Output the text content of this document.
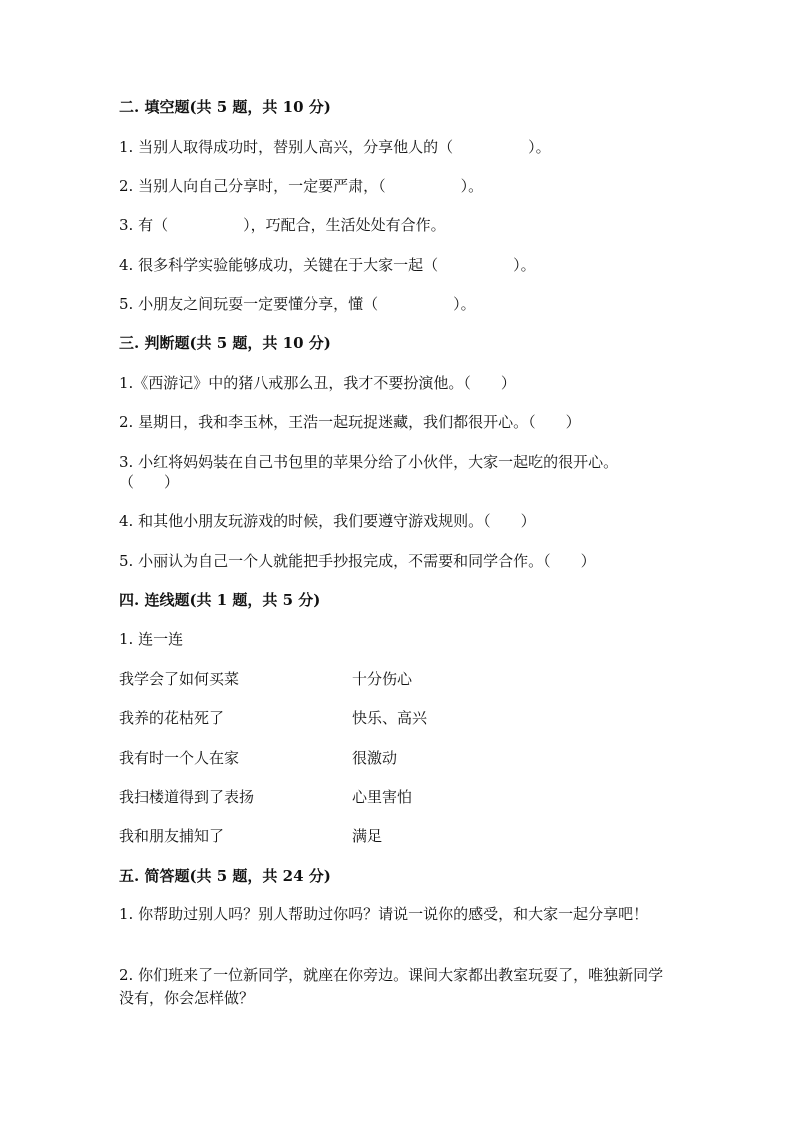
二. 填空题(共 5 题，共 10 分)
1. 当别人取得成功时，替别人高兴，分享他人的（　　　　　）。
2. 当别人向自己分享时，一定要严肃，（　　　　　）。
3. 有（　　　　　），巧配合，生活处处有合作。
4. 很多科学实验能够成功，关键在于大家一起（　　　　　）。
5. 小朋友之间玩耍一定要懂分享，懂（　　　　　）。
三. 判断题(共 5 题，共 10 分)
1.《西游记》中的猪八戒那么丑，我才不要扮演他。（　　）
2. 星期日，我和李玉林，王浩一起玩捉迷藏，我们都很开心。（　　）
3. 小红将妈妈装在自己书包里的苹果分给了小伙伴，大家一起吃的很开心。
（　　）
4. 和其他小朋友玩游戏的时候，我们要遵守游戏规则。（　　）
5. 小丽认为自己一个人就能把手抄报完成，不需要和同学合作。（　　）
四. 连线题(共 1 题，共 5 分)
1. 连一连
我学会了如何买菜	十分伤心
我养的花枯死了	快乐、高兴
我有时一个人在家	很激动
我扫楼道得到了表扬	心里害怕
我和朋友捕知了	满足
五. 简答题(共 5 题，共 24 分)
1. 你帮助过别人吗？别人帮助过你吗？请说一说你的感受，和大家一起分享吧！
2. 你们班来了一位新同学，就座在你旁边。课间大家都出教室玩耍了，唯独新同学没有，你会怎样做？
